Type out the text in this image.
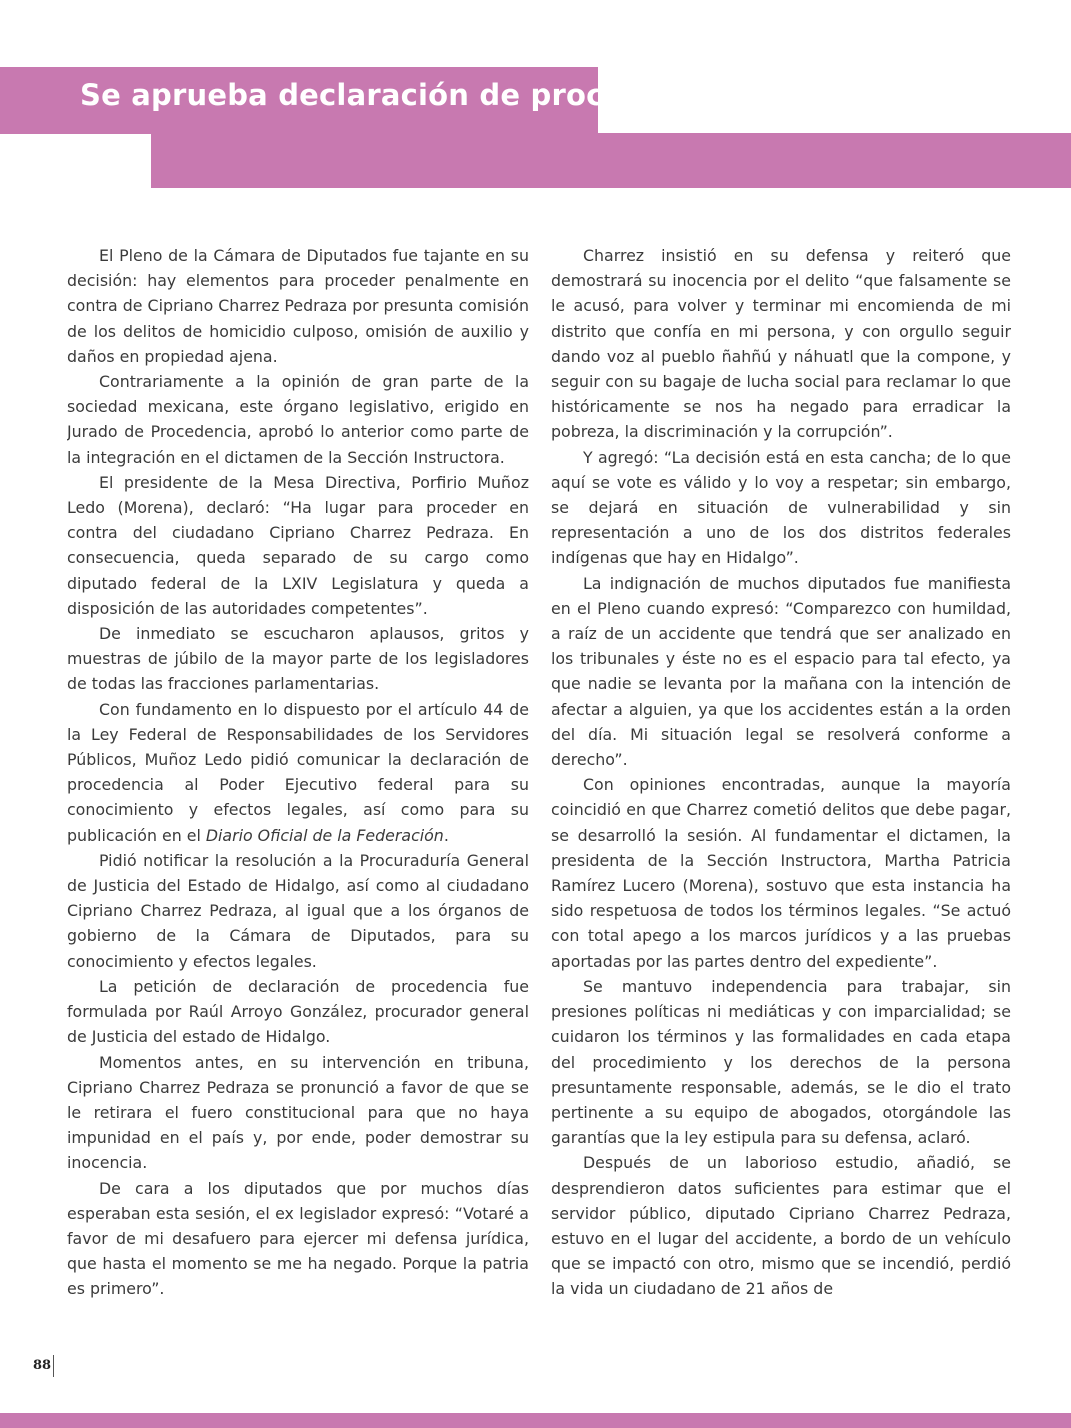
Se aprueba declaración de procedencia

El Pleno de la Cámara de Diputados fue tajante en su decisión: hay elementos para proceder penalmente en contra de Cipriano Charrez Pedraza por presunta comisión de los delitos de homicidio culposo, omisión de auxilio y daños en propiedad ajena.

Contrariamente a la opinión de gran parte de la sociedad mexicana, este órgano legislativo, erigido en Jurado de Procedencia, aprobó lo anterior como parte de la integración en el dictamen de la Sección Instructora.

El presidente de la Mesa Directiva, Porfirio Muñoz Ledo (Morena), declaró: “Ha lugar para proceder en contra del ciudadano Cipriano Charrez Pedraza. En consecuencia, queda separado de su cargo como diputado federal de la LXIV Legislatura y queda a disposición de las autoridades competentes”.

De inmediato se escucharon aplausos, gritos y muestras de júbilo de la mayor parte de los legisladores de todas las fracciones parlamentarias.

Con fundamento en lo dispuesto por el artículo 44 de la Ley Federal de Responsabilidades de los Servidores Públicos, Muñoz Ledo pidió comunicar la declaración de procedencia al Poder Ejecutivo federal para su conocimiento y efectos legales, así como para su publicación en el Diario Oficial de la Federación.

Pidió notificar la resolución a la Procuraduría General de Justicia del Estado de Hidalgo, así como al ciudadano Cipriano Charrez Pedraza, al igual que a los órganos de gobierno de la Cámara de Diputados, para su conocimiento y efectos legales.

La petición de declaración de procedencia fue formulada por Raúl Arroyo González, procurador general de Justicia del estado de Hidalgo.

Momentos antes, en su intervención en tribuna, Cipriano Charrez Pedraza se pronunció a favor de que se le retirara el fuero constitucional para que no haya impunidad en el país y, por ende, poder demostrar su inocencia.

De cara a los diputados que por muchos días esperaban esta sesión, el ex legislador expresó: “Votaré a favor de mi desafuero para ejercer mi defensa jurídica, que hasta el momento se me ha negado. Porque la patria es primero”.

Charrez insistió en su defensa y reiteró que demostrará su inocencia por el delito “que falsamente se le acusó, para volver y terminar mi encomienda de mi distrito que confía en mi persona, y con orgullo seguir dando voz al pueblo ñahñú y náhuatl que la compone, y seguir con su bagaje de lucha social para reclamar lo que históricamente se nos ha negado para erradicar la pobreza, la discriminación y la corrupción”.

Y agregó: “La decisión está en esta cancha; de lo que aquí se vote es válido y lo voy a respetar; sin embargo, se dejará en situación de vulnerabilidad y sin representación a uno de los dos distritos federales indígenas que hay en Hidalgo”.

La indignación de muchos diputados fue manifiesta en el Pleno cuando expresó: “Comparezco con humildad, a raíz de un accidente que tendrá que ser analizado en los tribunales y éste no es el espacio para tal efecto, ya que nadie se levanta por la mañana con la intención de afectar a alguien, ya que los accidentes están a la orden del día. Mi situación legal se resolverá conforme a derecho”.

Con opiniones encontradas, aunque la mayoría coincidió en que Charrez cometió delitos que debe pagar, se desarrolló la sesión. Al fundamentar el dictamen, la presidenta de la Sección Instructora, Martha Patricia Ramírez Lucero (Morena), sostuvo que esta instancia ha sido respetuosa de todos los términos legales. “Se actuó con total apego a los marcos jurídicos y a las pruebas aportadas por las partes dentro del expediente”.

Se mantuvo independencia para trabajar, sin presiones políticas ni mediáticas y con imparcialidad; se cuidaron los términos y las formalidades en cada etapa del procedimiento y los derechos de la persona presuntamente responsable, además, se le dio el trato pertinente a su equipo de abogados, otorgándole las garantías que la ley estipula para su defensa, aclaró.

Después de un laborioso estudio, añadió, se desprendieron datos suficientes para estimar que el servidor público, diputado Cipriano Charrez Pedraza, estuvo en el lugar del accidente, a bordo de un vehículo que se impactó con otro, mismo que se incendió, perdió la vida un ciudadano de 21 años de

88
